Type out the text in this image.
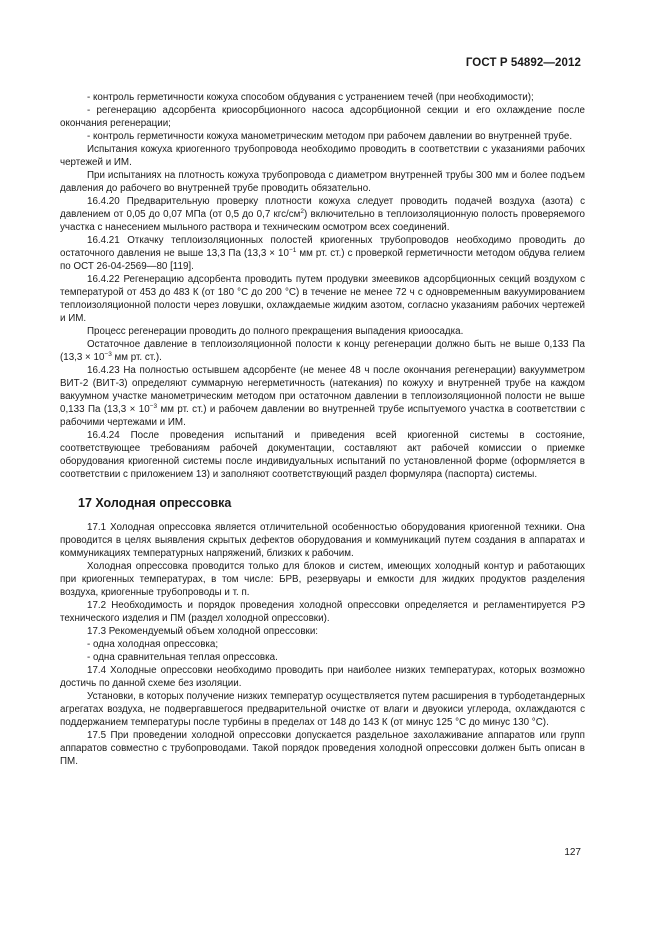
ГОСТ Р 54892—2012

- контроль герметичности кожуха способом обдувания с устранением течей (при необходимости);

- регенерацию адсорбента криосорбционного насоса адсорбционной секции и его охлаждение после окончания регенерации;

- контроль герметичности кожуха манометрическим методом при рабочем давлении во внутренней трубе.

Испытания кожуха криогенного трубопровода необходимо проводить в соответствии с указаниями рабочих чертежей и ИМ.

При испытаниях на плотность кожуха трубопровода с диаметром внутренней трубы 300 мм и более подъем давления до рабочего во внутренней трубе проводить обязательно.

16.4.20 Предварительную проверку плотности кожуха следует проводить подачей воздуха (азота) с давлением от 0,05 до 0,07 МПа (от 0,5 до 0,7 кгс/$см^2$) включительно в теплоизоляционную полость проверяемого участка с нанесением мыльного раствора и техническим осмотром всех соединений.

16.4.21 Откачку теплоизоляционных полостей криогенных трубопроводов необходимо проводить до остаточного давления не выше 13,3 Па ($13,3 \times 10^{-1}$ мм рт. ст.) с проверкой герметичности методом обдува гелием по ОСТ 26-04-2569—80 [119].

16.4.22 Регенерацию адсорбента проводить путем продувки змеевиков адсорбционных секций воздухом с температурой от 453 до 483 К (от 180 °С до 200 °С) в течение не менее 72 ч с одновременным вакуумированием теплоизоляционной полости через ловушки, охлаждаемые жидким азотом, согласно указаниям рабочих чертежей и ИМ.

Процесс регенерации проводить до полного прекращения выпадения криоосадка.

Остаточное давление в теплоизоляционной полости к концу регенерации должно быть не выше 0,133 Па ($13,3 \times 10^{-3}$ мм рт. ст.).

16.4.23 На полностью остывшем адсорбенте (не менее 48 ч после окончания регенерации) вакуумметром ВИТ-2 (ВИТ-3) определяют суммарную негерметичность (натекания) по кожуху и внутренней трубе на каждом вакуумном участке манометрическим методом при остаточном давлении в теплоизоляционной полости не выше 0,133 Па ($13,3 \times 10^{-3}$ мм рт. ст.) и рабочем давлении во внутренней трубе испытуемого участка в соответствии с рабочими чертежами и ИМ.

16.4.24 После проведения испытаний и приведения всей криогенной системы в состояние, соответствующее требованиям рабочей документации, составляют акт рабочей комиссии о приемке оборудования криогенной системы после индивидуальных испытаний по установленной форме (оформляется в соответствии с приложением 13) и заполняют соответствующий раздел формуляра (паспорта) системы.

17 Холодная опрессовка

17.1 Холодная опрессовка является отличительной особенностью оборудования криогенной техники. Она проводится в целях выявления скрытых дефектов оборудования и коммуникаций путем создания в аппаратах и коммуникациях температурных напряжений, близких к рабочим.

Холодная опрессовка проводится только для блоков и систем, имеющих холодный контур и работающих при криогенных температурах, в том числе: БРВ, резервуары и емкости для жидких продуктов разделения воздуха, криогенные трубопроводы и т. п.

17.2 Необходимость и порядок проведения холодной опрессовки определяется и регламентируется РЭ технического изделия и ПМ (раздел холодной опрессовки).

17.3 Рекомендуемый объем холодной опрессовки:

- одна холодная опрессовка;

- одна сравнительная теплая опрессовка.

17.4 Холодные опрессовки необходимо проводить при наиболее низких температурах, которых возможно достичь по данной схеме без изоляции.

Установки, в которых получение низких температур осуществляется путем расширения в турбодетандерных агрегатах воздуха, не подвергавшегося предварительной очистке от влаги и двуокиси углерода, охлаждаются с поддержанием температуры после турбины в пределах от 148 до 143 К (от минус 125 °С до минус 130 °С).

17.5 При проведении холодной опрессовки допускается раздельное захолаживание аппаратов или групп аппаратов совместно с трубопроводами. Такой порядок проведения холодной опрессовки должен быть описан в ПМ.

127
